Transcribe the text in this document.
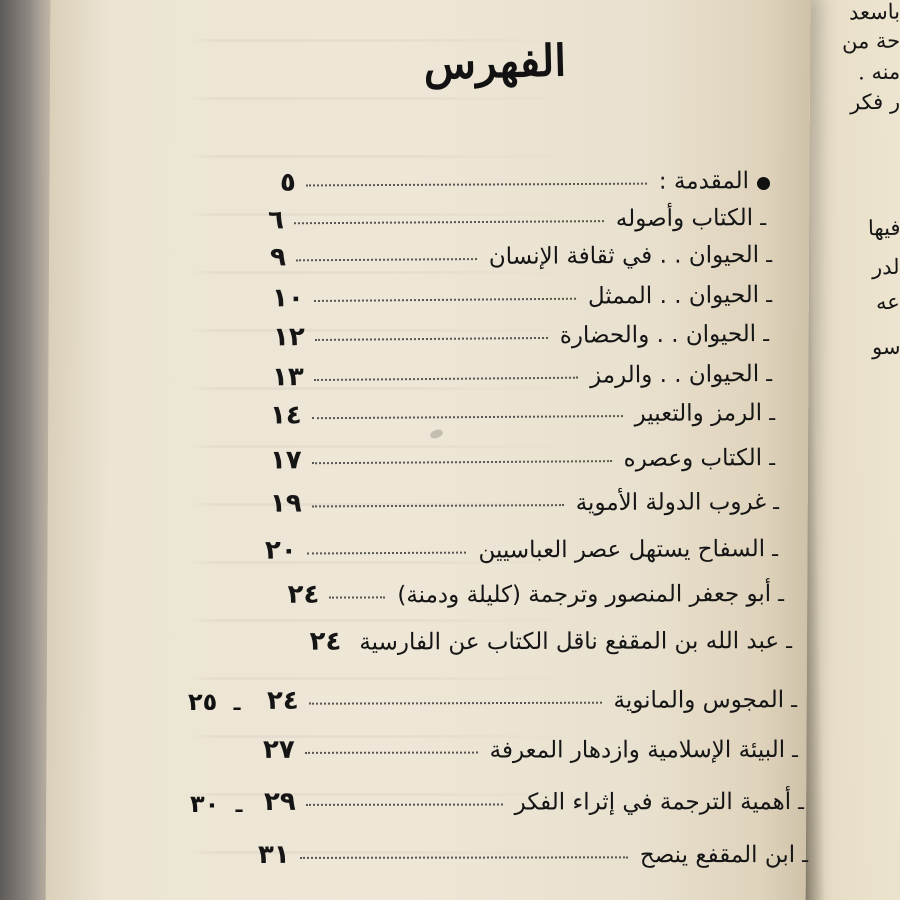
باسعد
حة من
منه .
ر فكر
فيها
لدر
عه
سو
الفهرس
المقدمة :
٥
ـ
الكتاب وأصوله
٦
ـ
الحيوان . . في ثقافة الإنسان
٩
ـ
الحيوان . . الممثل
١٠
ـ
الحيوان . . والحضارة
١٢
ـ
الحيوان . . والرمز
١٣
ـ
الرمز والتعبير
١٤
ـ
الكتاب وعصره
١٧
ـ
غروب الدولة الأموية
١٩
ـ
السفاح يستهل عصر العباسيين
٢٠
ـ
أبو جعفر المنصور وترجمة (كليلة ودمنة)
٢٤
ـ
عبد الله بن المقفع ناقل الكتاب عن الفارسية
٢٤
ـ
المجوس والمانوية
٢٤
ـ
البيئة الإسلامية وازدهار المعرفة
٢٧
ـ
أهمية الترجمة في إثراء الفكر
٢٩
ـ
ابن المقفع ينصح
٣١
٢٥ ـ
٣٠ ـ
